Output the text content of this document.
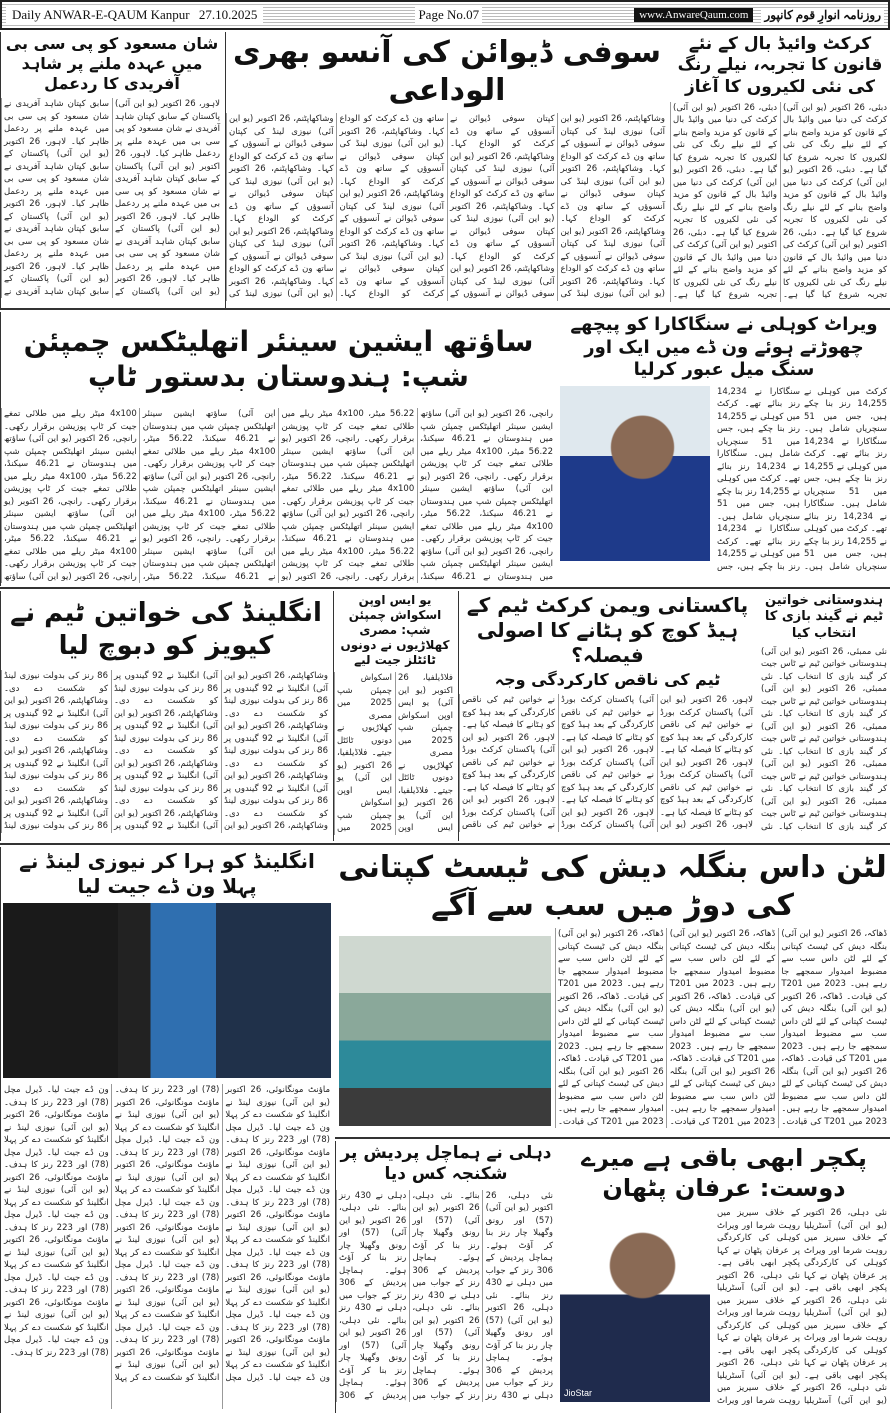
Daily ANWAR-E-QAUM Kanpur 27.10.2025	Page No.07	www.AnwareQaum.com	روزنامہ انوارِ قوم کانپور
کرکٹ وائیڈ بال کے نئے قانون کا تجربہ، نیلے رنگ کی نئی لکیروں کا آغاز
دبئی، 26 اکتوبر (یو این آئی) کرکٹ کی دنیا میں وائیڈ بال کے قانون کو مزید واضح بنانے کے لئے نیلے رنگ کی نئی لکیروں کا تجربہ شروع کیا گیا ہے۔ دبئی، 26 اکتوبر (یو این آئی) کرکٹ کی دنیا میں وائیڈ بال کے قانون کو مزید واضح بنانے کے لئے نیلے رنگ کی نئی لکیروں کا تجربہ شروع کیا گیا ہے۔ دبئی، 26 اکتوبر (یو این آئی) کرکٹ کی دنیا میں وائیڈ بال کے قانون کو مزید واضح بنانے کے لئے نیلے رنگ کی نئی لکیروں کا تجربہ شروع کیا گیا ہے۔ دبئی، 26 اکتوبر (یو این آئی) کرکٹ کی دنیا میں وائیڈ بال کے قانون کو مزید واضح بنانے کے لئے نیلے رنگ کی نئی لکیروں کا تجربہ شروع کیا گیا ہے۔ دبئی، 26 اکتوبر (یو این آئی) کرکٹ کی دنیا میں وائیڈ بال کے قانون کو مزید واضح بنانے کے لئے نیلے رنگ کی نئی لکیروں کا تجربہ شروع کیا گیا ہے۔ دبئی، 26 اکتوبر (یو این آئی) کرکٹ کی دنیا میں وائیڈ بال کے قانون کو مزید واضح بنانے کے لئے نیلے رنگ کی نئی لکیروں کا تجربہ شروع کیا گیا ہے۔
سوفی ڈیوائن کی آنسو بھری الوداعی
وشاکھاپٹنم، 26 اکتوبر (یو این آئی) نیوزی لینڈ کی کپتان سوفی ڈیوائن نے آنسوؤں کے ساتھ ون ڈے کرکٹ کو الوداع کہا۔ وشاکھاپٹنم، 26 اکتوبر (یو این آئی) نیوزی لینڈ کی کپتان سوفی ڈیوائن نے آنسوؤں کے ساتھ ون ڈے کرکٹ کو الوداع کہا۔ وشاکھاپٹنم، 26 اکتوبر (یو این آئی) نیوزی لینڈ کی کپتان سوفی ڈیوائن نے آنسوؤں کے ساتھ ون ڈے کرکٹ کو الوداع کہا۔ وشاکھاپٹنم، 26 اکتوبر (یو این آئی) نیوزی لینڈ کی کپتان سوفی ڈیوائن نے آنسوؤں کے ساتھ ون ڈے کرکٹ کو الوداع کہا۔ وشاکھاپٹنم، 26 اکتوبر (یو این آئی) نیوزی لینڈ کی کپتان سوفی ڈیوائن نے آنسوؤں کے ساتھ ون ڈے کرکٹ کو الوداع کہا۔ وشاکھاپٹنم، 26 اکتوبر (یو این آئی) نیوزی لینڈ کی کپتان سوفی ڈیوائن نے آنسوؤں کے ساتھ ون ڈے کرکٹ کو الوداع کہا۔ وشاکھاپٹنم، 26 اکتوبر (یو این آئی) نیوزی لینڈ کی کپتان سوفی ڈیوائن نے آنسوؤں کے ساتھ ون ڈے کرکٹ کو الوداع کہا۔ وشاکھاپٹنم، 26 اکتوبر (یو این آئی) نیوزی لینڈ کی کپتان سوفی ڈیوائن نے آنسوؤں کے ساتھ ون ڈے کرکٹ کو الوداع کہا۔ وشاکھاپٹنم، 26 اکتوبر (یو این آئی) نیوزی لینڈ کی کپتان سوفی ڈیوائن نے آنسوؤں کے ساتھ ون ڈے کرکٹ کو الوداع کہا۔ وشاکھاپٹنم، 26 اکتوبر (یو این آئی) نیوزی لینڈ کی کپتان سوفی ڈیوائن نے آنسوؤں کے ساتھ ون ڈے کرکٹ کو الوداع کہا۔ وشاکھاپٹنم، 26 اکتوبر (یو این آئی) نیوزی لینڈ کی کپتان سوفی ڈیوائن نے آنسوؤں کے ساتھ ون ڈے کرکٹ کو الوداع کہا۔ وشاکھاپٹنم، 26 اکتوبر (یو این آئی) نیوزی لینڈ کی کپتان سوفی ڈیوائن نے آنسوؤں کے ساتھ ون ڈے کرکٹ کو الوداع کہا۔ وشاکھاپٹنم، 26 اکتوبر (یو این آئی) نیوزی لینڈ کی کپتان سوفی ڈیوائن نے آنسوؤں کے ساتھ ون ڈے کرکٹ کو الوداع کہا۔ وشاکھاپٹنم، 26 اکتوبر (یو این آئی) نیوزی لینڈ کی
شان مسعود کو پی سی بی میں عہدہ ملنے پر شاہد آفریدی کا ردعمل
لاہور، 26 اکتوبر (یو این آئی) پاکستان کے سابق کپتان شاہد آفریدی نے شان مسعود کو پی سی بی میں عہدہ ملنے پر ردعمل ظاہر کیا۔ لاہور، 26 اکتوبر (یو این آئی) پاکستان کے سابق کپتان شاہد آفریدی نے شان مسعود کو پی سی بی میں عہدہ ملنے پر ردعمل ظاہر کیا۔ لاہور، 26 اکتوبر (یو این آئی) پاکستان کے سابق کپتان شاہد آفریدی نے شان مسعود کو پی سی بی میں عہدہ ملنے پر ردعمل ظاہر کیا۔ لاہور، 26 اکتوبر (یو این آئی) پاکستان کے سابق کپتان شاہد آفریدی نے شان مسعود کو پی سی بی میں عہدہ ملنے پر ردعمل ظاہر کیا۔ لاہور، 26 اکتوبر (یو این آئی) پاکستان کے سابق کپتان شاہد آفریدی نے شان مسعود کو پی سی بی میں عہدہ ملنے پر ردعمل ظاہر کیا۔ لاہور، 26 اکتوبر (یو این آئی) پاکستان کے سابق کپتان شاہد آفریدی نے شان مسعود کو پی سی بی میں عہدہ ملنے پر ردعمل ظاہر کیا۔ لاہور، 26 اکتوبر (یو این آئی) پاکستان کے سابق کپتان شاہد آفریدی نے
ویراٹ کوہلی نے سنگاکارا کو پیچھے چھوڑتے ہوئے ون ڈے میں ایک اور سنگ میل عبور کرلیا
کرکٹ میں کوہلی نے 14,255 رنز بنا چکے ہیں، جس میں 51 سنچریاں شامل ہیں۔ سنگاکارا نے 14,234 رنز بنائے تھے۔ کرکٹ میں کوہلی نے 14,255 رنز بنا چکے ہیں، جس میں 51 سنچریاں شامل ہیں۔ سنگاکارا نے 14,234 رنز بنائے تھے۔ کرکٹ میں کوہلی نے 14,255 رنز بنا چکے ہیں، جس میں 51 سنچریاں شامل ہیں۔ سنگاکارا نے 14,234 رنز بنائے تھے۔ کرکٹ میں کوہلی نے 14,255 رنز بنا چکے ہیں، جس میں 51 سنچریاں شامل ہیں۔ سنگاکارا نے 14,234 رنز بنائے تھے۔ کرکٹ میں کوہلی نے 14,255 رنز بنا چکے ہیں، جس میں 51 سنچریاں شامل ہیں۔ سنگاکارا نے 14,234 رنز بنائے تھے۔ کرکٹ میں کوہلی نے 14,255 رنز بنا چکے ہیں، جس
ساؤتھ ایشین سینئر اتھلیٹکس چمپئن شپ: ہندوستان بدستور ٹاپ
رانچی، 26 اکتوبر (یو این آئی) ساؤتھ ایشین سینئر اتھلیٹکس چمپئن شپ میں ہندوستان نے 46.21 سیکنڈ، 56.22 میٹر، 4x100 میٹر ریلے میں طلائی تمغے جیت کر ٹاپ پوزیشن برقرار رکھی۔ رانچی، 26 اکتوبر (یو این آئی) ساؤتھ ایشین سینئر اتھلیٹکس چمپئن شپ میں ہندوستان نے 46.21 سیکنڈ، 56.22 میٹر، 4x100 میٹر ریلے میں طلائی تمغے جیت کر ٹاپ پوزیشن برقرار رکھی۔ رانچی، 26 اکتوبر (یو این آئی) ساؤتھ ایشین سینئر اتھلیٹکس چمپئن شپ میں ہندوستان نے 46.21 سیکنڈ، 56.22 میٹر، 4x100 میٹر ریلے میں طلائی تمغے جیت کر ٹاپ پوزیشن برقرار رکھی۔ رانچی، 26 اکتوبر (یو این آئی) ساؤتھ ایشین سینئر اتھلیٹکس چمپئن شپ میں ہندوستان نے 46.21 سیکنڈ، 56.22 میٹر، 4x100 میٹر ریلے میں طلائی تمغے جیت کر ٹاپ پوزیشن برقرار رکھی۔ رانچی، 26 اکتوبر (یو این آئی) ساؤتھ ایشین سینئر اتھلیٹکس چمپئن شپ میں ہندوستان نے 46.21 سیکنڈ، 56.22 میٹر، 4x100 میٹر ریلے میں طلائی تمغے جیت کر ٹاپ پوزیشن برقرار رکھی۔ رانچی، 26 اکتوبر (یو این آئی) ساؤتھ ایشین سینئر اتھلیٹکس چمپئن شپ میں ہندوستان نے 46.21 سیکنڈ، 56.22 میٹر، 4x100 میٹر ریلے میں طلائی تمغے جیت کر ٹاپ پوزیشن برقرار رکھی۔ رانچی، 26 اکتوبر (یو این آئی) ساؤتھ ایشین سینئر اتھلیٹکس چمپئن شپ میں ہندوستان نے 46.21 سیکنڈ، 56.22 میٹر، 4x100 میٹر ریلے میں طلائی تمغے جیت کر ٹاپ پوزیشن برقرار رکھی۔ رانچی، 26 اکتوبر (یو این آئی) ساؤتھ ایشین سینئر اتھلیٹکس چمپئن شپ میں ہندوستان نے 46.21 سیکنڈ، 56.22 میٹر، 4x100 میٹر ریلے میں طلائی تمغے جیت کر ٹاپ پوزیشن برقرار رکھی۔ رانچی، 26 اکتوبر (یو این آئی) ساؤتھ ایشین سینئر اتھلیٹکس چمپئن شپ میں ہندوستان نے 46.21 سیکنڈ، 56.22 میٹر، 4x100 میٹر ریلے میں طلائی تمغے جیت کر ٹاپ پوزیشن برقرار رکھی۔ رانچی، 26 اکتوبر (یو این آئی) ساؤتھ ایشین سینئر اتھلیٹکس چمپئن شپ میں ہندوستان نے 46.21 سیکنڈ، 56.22 میٹر، 4x100 میٹر ریلے میں طلائی تمغے جیت کر ٹاپ پوزیشن برقرار رکھی۔ رانچی، 26 اکتوبر (یو این آئی) ساؤتھ
ہندوستانی خواتین ٹیم نے گیند بازی کا انتخاب کیا
نئی ممبئی، 26 اکتوبر (یو این آئی) ہندوستانی خواتین ٹیم نے ٹاس جیت کر گیند بازی کا انتخاب کیا۔ نئی ممبئی، 26 اکتوبر (یو این آئی) ہندوستانی خواتین ٹیم نے ٹاس جیت کر گیند بازی کا انتخاب کیا۔ نئی ممبئی، 26 اکتوبر (یو این آئی) ہندوستانی خواتین ٹیم نے ٹاس جیت کر گیند بازی کا انتخاب کیا۔ نئی ممبئی، 26 اکتوبر (یو این آئی) ہندوستانی خواتین ٹیم نے ٹاس جیت کر گیند بازی کا انتخاب کیا۔ نئی ممبئی، 26 اکتوبر (یو این آئی) ہندوستانی خواتین ٹیم نے ٹاس جیت کر گیند بازی کا انتخاب کیا۔ نئی
پاکستانی ویمن کرکٹ ٹیم کے ہیڈ کوچ کو ہٹانے کا اصولی فیصلہ؟
ٹیم کی ناقص کارکردگی وجہ
لاہور، 26 اکتوبر (یو این آئی) پاکستان کرکٹ بورڈ نے خواتین ٹیم کی ناقص کارکردگی کے بعد ہیڈ کوچ کو ہٹانے کا فیصلہ کیا ہے۔ لاہور، 26 اکتوبر (یو این آئی) پاکستان کرکٹ بورڈ نے خواتین ٹیم کی ناقص کارکردگی کے بعد ہیڈ کوچ کو ہٹانے کا فیصلہ کیا ہے۔ لاہور، 26 اکتوبر (یو این آئی) پاکستان کرکٹ بورڈ نے خواتین ٹیم کی ناقص کارکردگی کے بعد ہیڈ کوچ کو ہٹانے کا فیصلہ کیا ہے۔ لاہور، 26 اکتوبر (یو این آئی) پاکستان کرکٹ بورڈ نے خواتین ٹیم کی ناقص کارکردگی کے بعد ہیڈ کوچ کو ہٹانے کا فیصلہ کیا ہے۔ لاہور، 26 اکتوبر (یو این آئی) پاکستان کرکٹ بورڈ نے خواتین ٹیم کی ناقص کارکردگی کے بعد ہیڈ کوچ کو ہٹانے کا فیصلہ کیا ہے۔ لاہور، 26 اکتوبر (یو این آئی) پاکستان کرکٹ بورڈ نے خواتین ٹیم کی ناقص کارکردگی کے بعد ہیڈ کوچ کو ہٹانے کا فیصلہ کیا ہے۔ لاہور، 26 اکتوبر (یو این آئی) پاکستان کرکٹ بورڈ نے خواتین ٹیم کی ناقص
یو ایس اوپن اسکواش چمپئن شپ: مصری کھلاڑیوں نے دونوں ٹائٹلز جیت لیے
فلاڈیلفیا، 26 اکتوبر (یو این آئی) یو ایس اوپن اسکواش چمپئن شپ 2025 میں مصری کھلاڑیوں نے دونوں ٹائٹل جیتے۔ فلاڈیلفیا، 26 اکتوبر (یو این آئی) یو ایس اوپن اسکواش چمپئن شپ 2025 میں مصری کھلاڑیوں نے دونوں ٹائٹل جیتے۔ فلاڈیلفیا، 26 اکتوبر (یو این آئی) یو ایس اوپن اسکواش چمپئن شپ 2025 میں
انگلینڈ کی خواتین ٹیم نے کیویز کو دبوچ لیا
وشاکھاپٹنم، 26 اکتوبر (یو این آئی) انگلینڈ نے 92 گیندوں پر 86 رنز کی بدولت نیوزی لینڈ کو شکست دے دی۔ وشاکھاپٹنم، 26 اکتوبر (یو این آئی) انگلینڈ نے 92 گیندوں پر 86 رنز کی بدولت نیوزی لینڈ کو شکست دے دی۔ وشاکھاپٹنم، 26 اکتوبر (یو این آئی) انگلینڈ نے 92 گیندوں پر 86 رنز کی بدولت نیوزی لینڈ کو شکست دے دی۔ وشاکھاپٹنم، 26 اکتوبر (یو این آئی) انگلینڈ نے 92 گیندوں پر 86 رنز کی بدولت نیوزی لینڈ کو شکست دے دی۔ وشاکھاپٹنم، 26 اکتوبر (یو این آئی) انگلینڈ نے 92 گیندوں پر 86 رنز کی بدولت نیوزی لینڈ کو شکست دے دی۔ وشاکھاپٹنم، 26 اکتوبر (یو این آئی) انگلینڈ نے 92 گیندوں پر 86 رنز کی بدولت نیوزی لینڈ کو شکست دے دی۔ وشاکھاپٹنم، 26 اکتوبر (یو این آئی) انگلینڈ نے 92 گیندوں پر 86 رنز کی بدولت نیوزی لینڈ کو شکست دے دی۔ وشاکھاپٹنم، 26 اکتوبر (یو این آئی) انگلینڈ نے 92 گیندوں پر 86 رنز کی بدولت نیوزی لینڈ کو شکست دے دی۔ وشاکھاپٹنم، 26 اکتوبر (یو این آئی) انگلینڈ نے 92 گیندوں پر 86 رنز کی بدولت نیوزی لینڈ کو شکست دے دی۔ وشاکھاپٹنم، 26 اکتوبر (یو این آئی) انگلینڈ نے 92 گیندوں پر 86 رنز کی بدولت نیوزی لینڈ
لٹن داس بنگلہ دیش کی ٹیسٹ کپتانی کی دوڑ میں سب سے آگے
ڈھاکہ، 26 اکتوبر (یو این آئی) بنگلہ دیش کی ٹیسٹ کپتانی کے لئے لٹن داس سب سے مضبوط امیدوار سمجھے جا رہے ہیں۔ 2023 میں T201 کی قیادت۔ ڈھاکہ، 26 اکتوبر (یو این آئی) بنگلہ دیش کی ٹیسٹ کپتانی کے لئے لٹن داس سب سے مضبوط امیدوار سمجھے جا رہے ہیں۔ 2023 میں T201 کی قیادت۔ ڈھاکہ، 26 اکتوبر (یو این آئی) بنگلہ دیش کی ٹیسٹ کپتانی کے لئے لٹن داس سب سے مضبوط امیدوار سمجھے جا رہے ہیں۔ 2023 میں T201 کی قیادت۔ ڈھاکہ، 26 اکتوبر (یو این آئی) بنگلہ دیش کی ٹیسٹ کپتانی کے لئے لٹن داس سب سے مضبوط امیدوار سمجھے جا رہے ہیں۔ 2023 میں T201 کی قیادت۔ ڈھاکہ، 26 اکتوبر (یو این آئی) بنگلہ دیش کی ٹیسٹ کپتانی کے لئے لٹن داس سب سے مضبوط امیدوار سمجھے جا رہے ہیں۔ 2023 میں T201 کی قیادت۔ ڈھاکہ، 26 اکتوبر (یو این آئی) بنگلہ دیش کی ٹیسٹ کپتانی کے لئے لٹن داس سب سے مضبوط امیدوار سمجھے جا رہے ہیں۔ 2023 میں T201 کی قیادت۔ ڈھاکہ، 26 اکتوبر (یو این آئی) بنگلہ دیش کی ٹیسٹ کپتانی کے لئے لٹن داس سب سے مضبوط امیدوار سمجھے جا رہے ہیں۔ 2023 میں T201 کی قیادت۔ ڈھاکہ، 26 اکتوبر (یو این آئی) بنگلہ دیش کی ٹیسٹ کپتانی کے لئے لٹن داس سب سے مضبوط امیدوار سمجھے جا رہے ہیں۔ 2023 میں T201 کی قیادت۔ ڈھاکہ، 26 اکتوبر (یو این آئی) بنگلہ دیش کی ٹیسٹ کپتانی کے لئے لٹن داس سب سے مضبوط امیدوار سمجھے جا رہے ہیں۔ 2023 میں T201 کی قیادت۔
انگلینڈ کو ہرا کر نیوزی لینڈ نے پہلا ون ڈے جیت لیا
ماؤنٹ مونگانوئی، 26 اکتوبر (یو این آئی) نیوزی لینڈ نے انگلینڈ کو شکست دے کر پہلا ون ڈے جیت لیا۔ ڈیرل مچل (78) اور 223 رنز کا ہدف۔ ماؤنٹ مونگانوئی، 26 اکتوبر (یو این آئی) نیوزی لینڈ نے انگلینڈ کو شکست دے کر پہلا ون ڈے جیت لیا۔ ڈیرل مچل (78) اور 223 رنز کا ہدف۔ ماؤنٹ مونگانوئی، 26 اکتوبر (یو این آئی) نیوزی لینڈ نے انگلینڈ کو شکست دے کر پہلا ون ڈے جیت لیا۔ ڈیرل مچل (78) اور 223 رنز کا ہدف۔ ماؤنٹ مونگانوئی، 26 اکتوبر (یو این آئی) نیوزی لینڈ نے انگلینڈ کو شکست دے کر پہلا ون ڈے جیت لیا۔ ڈیرل مچل (78) اور 223 رنز کا ہدف۔ ماؤنٹ مونگانوئی، 26 اکتوبر (یو این آئی) نیوزی لینڈ نے انگلینڈ کو شکست دے کر پہلا ون ڈے جیت لیا۔ ڈیرل مچل (78) اور 223 رنز کا ہدف۔ ماؤنٹ مونگانوئی، 26 اکتوبر (یو این آئی) نیوزی لینڈ نے انگلینڈ کو شکست دے کر پہلا ون ڈے جیت لیا۔ ڈیرل مچل (78) اور 223 رنز کا ہدف۔ ماؤنٹ مونگانوئی، 26 اکتوبر (یو این آئی) نیوزی لینڈ نے انگلینڈ کو شکست دے کر پہلا ون ڈے جیت لیا۔ ڈیرل مچل (78) اور 223 رنز کا ہدف۔ ماؤنٹ مونگانوئی، 26 اکتوبر (یو این آئی) نیوزی لینڈ نے انگلینڈ کو شکست دے کر پہلا ون ڈے جیت لیا۔ ڈیرل مچل (78) اور 223 رنز کا ہدف۔ ماؤنٹ مونگانوئی، 26 اکتوبر (یو این آئی) نیوزی لینڈ نے انگلینڈ کو شکست دے کر پہلا ون ڈے جیت لیا۔ ڈیرل مچل (78) اور 223 رنز کا ہدف۔ ماؤنٹ مونگانوئی، 26 اکتوبر (یو این آئی) نیوزی لینڈ نے انگلینڈ کو شکست دے کر پہلا ون ڈے جیت لیا۔ ڈیرل مچل (78) اور 223 رنز کا ہدف۔ ماؤنٹ مونگانوئی، 26 اکتوبر (یو این آئی) نیوزی لینڈ نے انگلینڈ کو شکست دے کر پہلا ون ڈے جیت لیا۔ ڈیرل مچل (78) اور 223 رنز کا ہدف۔ ماؤنٹ مونگانوئی، 26 اکتوبر (یو این آئی) نیوزی لینڈ نے انگلینڈ کو شکست دے کر پہلا ون ڈے جیت لیا۔ ڈیرل مچل (78) اور 223 رنز کا ہدف۔ ماؤنٹ مونگانوئی، 26 اکتوبر (یو این آئی) نیوزی لینڈ نے انگلینڈ کو شکست دے کر پہلا ون ڈے جیت لیا۔ ڈیرل مچل (78) اور 223 رنز کا ہدف۔ ماؤنٹ مونگانوئی، 26 اکتوبر (یو این آئی) نیوزی لینڈ نے انگلینڈ کو شکست دے کر پہلا ون ڈے جیت لیا۔ ڈیرل مچل (78) اور 223 رنز کا ہدف۔
پکچر ابھی باقی ہے میرے دوست: عرفان پٹھان
نئی دہلی، 26 اکتوبر (یو این آئی) آسٹریلیا کے خلاف سیریز میں روہت شرما اور ویراٹ کوہلی کی کارکردگی پر عرفان پٹھان نے کہا پکچر ابھی باقی ہے۔ نئی دہلی، 26 اکتوبر (یو این آئی) آسٹریلیا کے خلاف سیریز میں روہت شرما اور ویراٹ کوہلی کی کارکردگی پر عرفان پٹھان نے کہا پکچر ابھی باقی ہے۔ نئی دہلی، 26 اکتوبر (یو این آئی) آسٹریلیا کے خلاف سیریز میں روہت شرما اور ویراٹ کوہلی کی کارکردگی پر عرفان پٹھان نے کہا پکچر ابھی باقی ہے۔ نئی دہلی، 26 اکتوبر (یو این آئی) آسٹریلیا کے خلاف سیریز میں روہت شرما اور ویراٹ کوہلی کی کارکردگی پر عرفان پٹھان نے کہا پکچر ابھی باقی ہے۔ نئی دہلی، 26 اکتوبر (یو این آئی) آسٹریلیا کے خلاف سیریز میں روہت شرما اور ویراٹ
JioStar
دہلی نے ہماچل پردیش پر شکنجہ کس دیا
نئی دہلی، 26 اکتوبر (یو این آئی) (57) اور رونق وگھیلا چار رنز بنا کر آؤٹ ہوئے۔ ہماچل پردیش کے 306 رنز کے جواب میں دہلی نے 430 رنز بنائے۔ نئی دہلی، 26 اکتوبر (یو این آئی) (57) اور رونق وگھیلا چار رنز بنا کر آؤٹ ہوئے۔ ہماچل پردیش کے 306 رنز کے جواب میں دہلی نے 430 رنز بنائے۔ نئی دہلی، 26 اکتوبر (یو این آئی) (57) اور رونق وگھیلا چار رنز بنا کر آؤٹ ہوئے۔ ہماچل پردیش کے 306 رنز کے جواب میں دہلی نے 430 رنز بنائے۔ نئی دہلی، 26 اکتوبر (یو این آئی) (57) اور رونق وگھیلا چار رنز بنا کر آؤٹ ہوئے۔ ہماچل پردیش کے 306 رنز کے جواب میں دہلی نے 430 رنز بنائے۔ نئی دہلی، 26 اکتوبر (یو این آئی) (57) اور رونق وگھیلا چار رنز بنا کر آؤٹ ہوئے۔ ہماچل پردیش کے 306 رنز کے جواب میں دہلی نے 430 رنز بنائے۔ نئی دہلی، 26 اکتوبر (یو این آئی) (57) اور رونق وگھیلا چار رنز بنا کر آؤٹ ہوئے۔ ہماچل پردیش کے 306
